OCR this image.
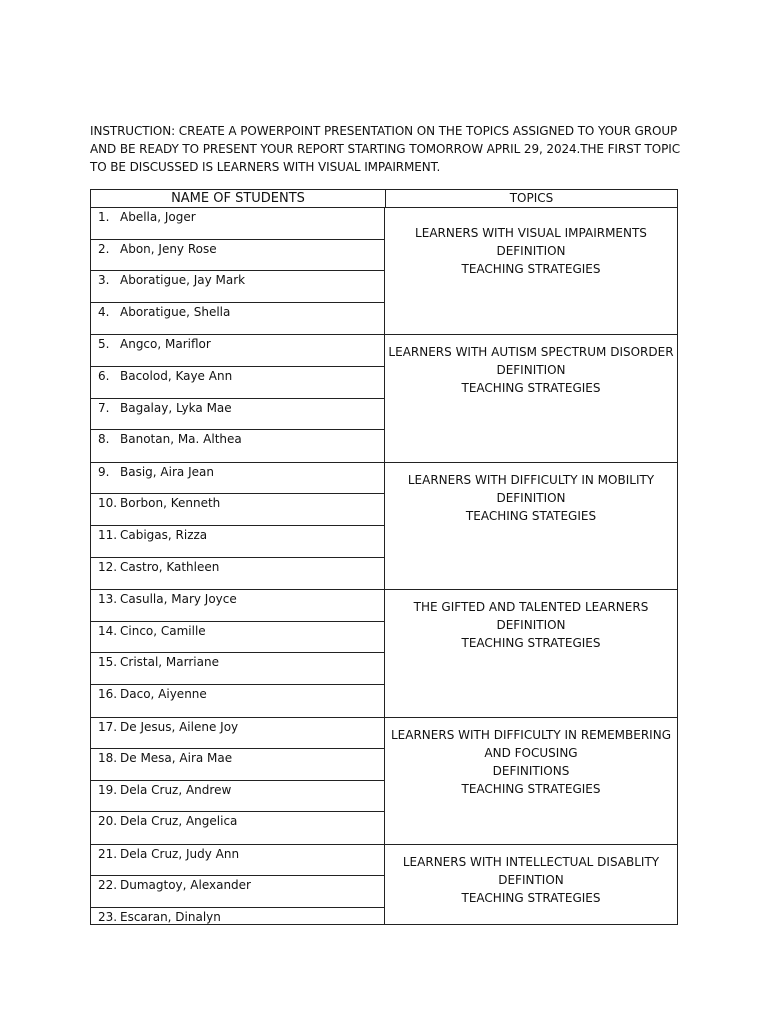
INSTRUCTION: CREATE A POWERPOINT PRESENTATION ON THE TOPICS ASSIGNED TO YOUR GROUP AND BE READY TO PRESENT YOUR REPORT STARTING TOMORROW APRIL 29, 2024.THE FIRST TOPIC TO BE DISCUSSED IS LEARNERS WITH VISUAL IMPAIRMENT.
NAME OF STUDENTS	TOPICS
1. Abella, Joger
2. Abon, Jeny Rose
3. Aboratigue, Jay Mark
4. Aboratigue, Shella
LEARNERS WITH VISUAL IMPAIRMENTS
DEFINITION
TEACHING STRATEGIES
5. Angco, Mariflor
6. Bacolod, Kaye Ann
7. Bagalay, Lyka Mae
8. Banotan, Ma. Althea
LEARNERS WITH AUTISM SPECTRUM DISORDER
DEFINITION
TEACHING STRATEGIES
9. Basig, Aira Jean
10. Borbon, Kenneth
11. Cabigas, Rizza
12. Castro, Kathleen
LEARNERS WITH DIFFICULTY IN MOBILITY
DEFINITION
TEACHING STATEGIES
13. Casulla, Mary Joyce
14. Cinco, Camille
15. Cristal, Marriane
16. Daco, Aiyenne
THE GIFTED AND TALENTED LEARNERS
DEFINITION
TEACHING STRATEGIES
17. De Jesus, Ailene Joy
18. De Mesa, Aira Mae
19. Dela Cruz, Andrew
20. Dela Cruz, Angelica
LEARNERS WITH DIFFICULTY IN REMEMBERING
AND FOCUSING
DEFINITIONS
TEACHING STRATEGIES
21. Dela Cruz, Judy Ann
22. Dumagtoy, Alexander
23. Escaran, Dinalyn
LEARNERS WITH INTELLECTUAL DISABLITY
DEFINTION
TEACHING STRATEGIES
